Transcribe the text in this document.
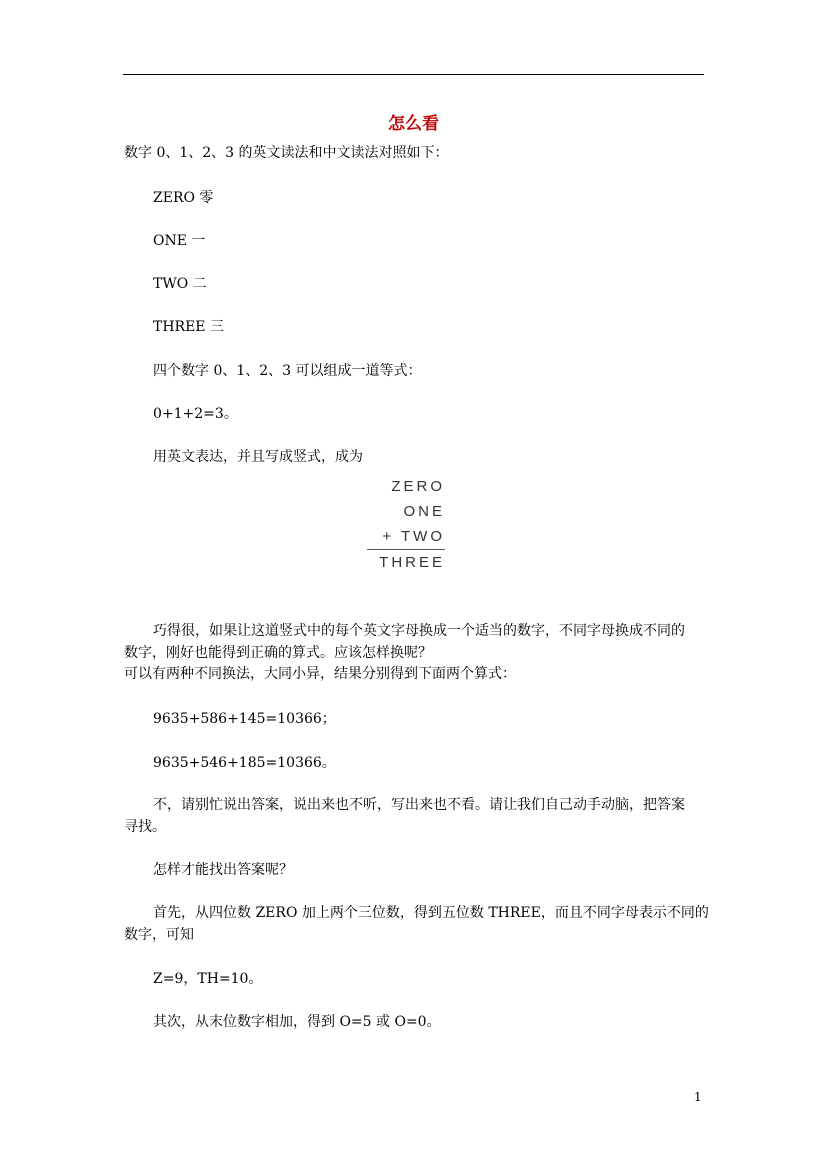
怎么看
数字 0、1、2、3 的英文读法和中文读法对照如下：
ZERO 零
ONE 一
TWO 二
THREE 三
四个数字 0、1、2、3 可以组成一道等式：
0+1+2=3。
用英文表达，并且写成竖式，成为
ZERO
ONE
+ TWO
THREE
巧得很，如果让这道竖式中的每个英文字母换成一个适当的数字，不同字母换成不同的
数字，刚好也能得到正确的算式。应该怎样换呢？
可以有两种不同换法，大同小异，结果分别得到下面两个算式：
9635+586+145=10366；
9635+546+185=10366。
不，请别忙说出答案，说出来也不听，写出来也不看。请让我们自己动手动脑，把答案
寻找。
怎样才能找出答案呢？
首先，从四位数 ZERO 加上两个三位数，得到五位数 THREE，而且不同字母表示不同的
数字，可知
Z=9，TH=10。
其次，从末位数字相加，得到 O=5 或 O=0。
1
